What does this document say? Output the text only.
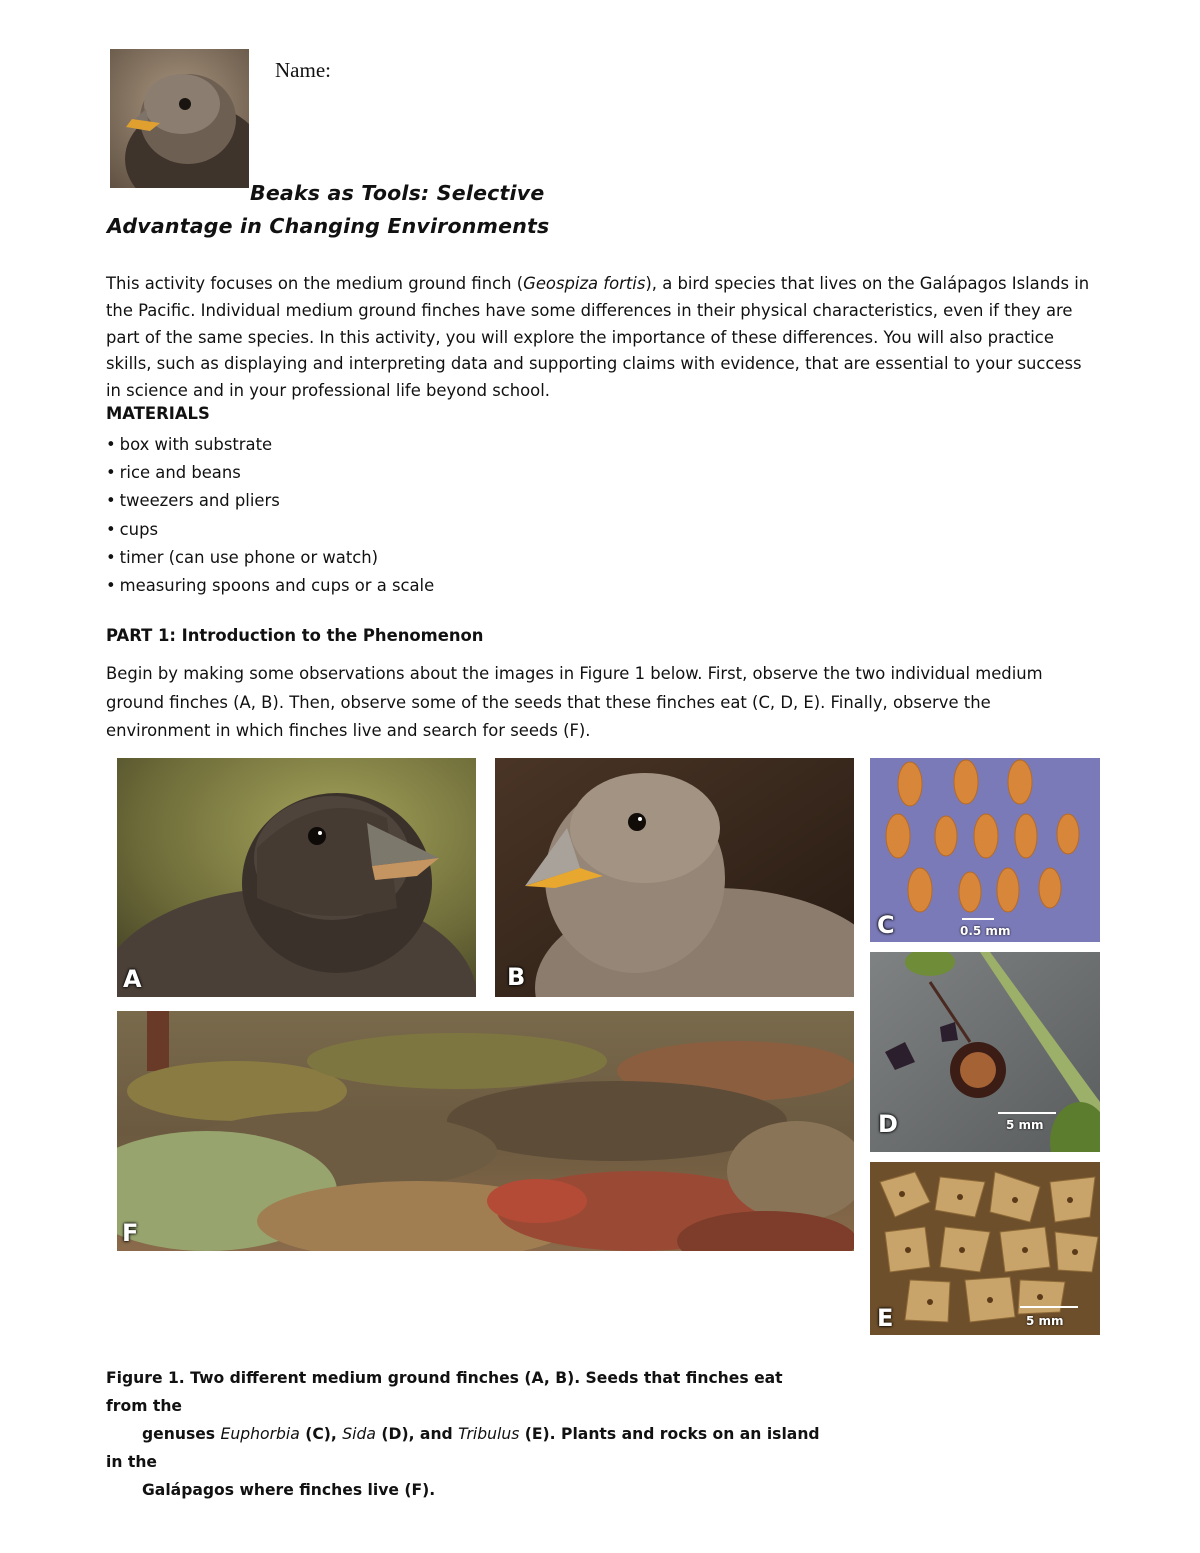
Name:
Beaks as Tools: Selective
Advantage in Changing Environments

This activity focuses on the medium ground finch (Geospiza fortis), a bird species that lives on the Galápagos Islands in the Pacific. Individual medium ground finches have some differences in their physical characteristics, even if they are part of the same species. In this activity, you will explore the importance of these differences. You will also practice skills, such as displaying and interpreting data and supporting claims with evidence, that are essential to your success in science and in your professional life beyond school.

MATERIALS
• box with substrate
• rice and beans
• tweezers and pliers
• cups
• timer (can use phone or watch)
• measuring spoons and cups or a scale
PART 1: Introduction to the Phenomenon

Begin by making some observations about the images in Figure 1 below. First, observe the two individual medium ground finches (A, B). Then, observe some of the seeds that these finches eat (C, D, E). Finally, observe the environment in which finches live and search for seeds (F).

A	B
0.5 mm
C
5 mm
D
5 mm
E
F

Figure 1. Two different medium ground finches (A, B). Seeds that finches eat from the
genuses Euphorbia (C), Sida (D), and Tribulus (E). Plants and rocks on an island in the
Galápagos where finches live (F).
